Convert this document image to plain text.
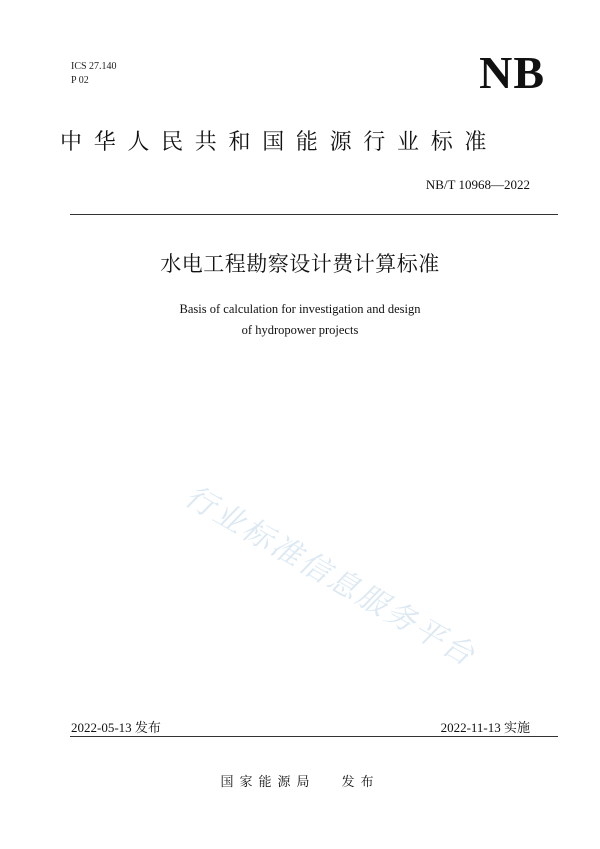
ICS 27.140
P 02	NB
中华人民共和国能源行业标准
NB/T 10968—2022
水电工程勘察设计费计算标准
Basis of calculation for investigation and design
of hydropower projects
行业标准信息服务平台
2022-05-13 发布	2022-11-13 实施
国家能源局 发布
